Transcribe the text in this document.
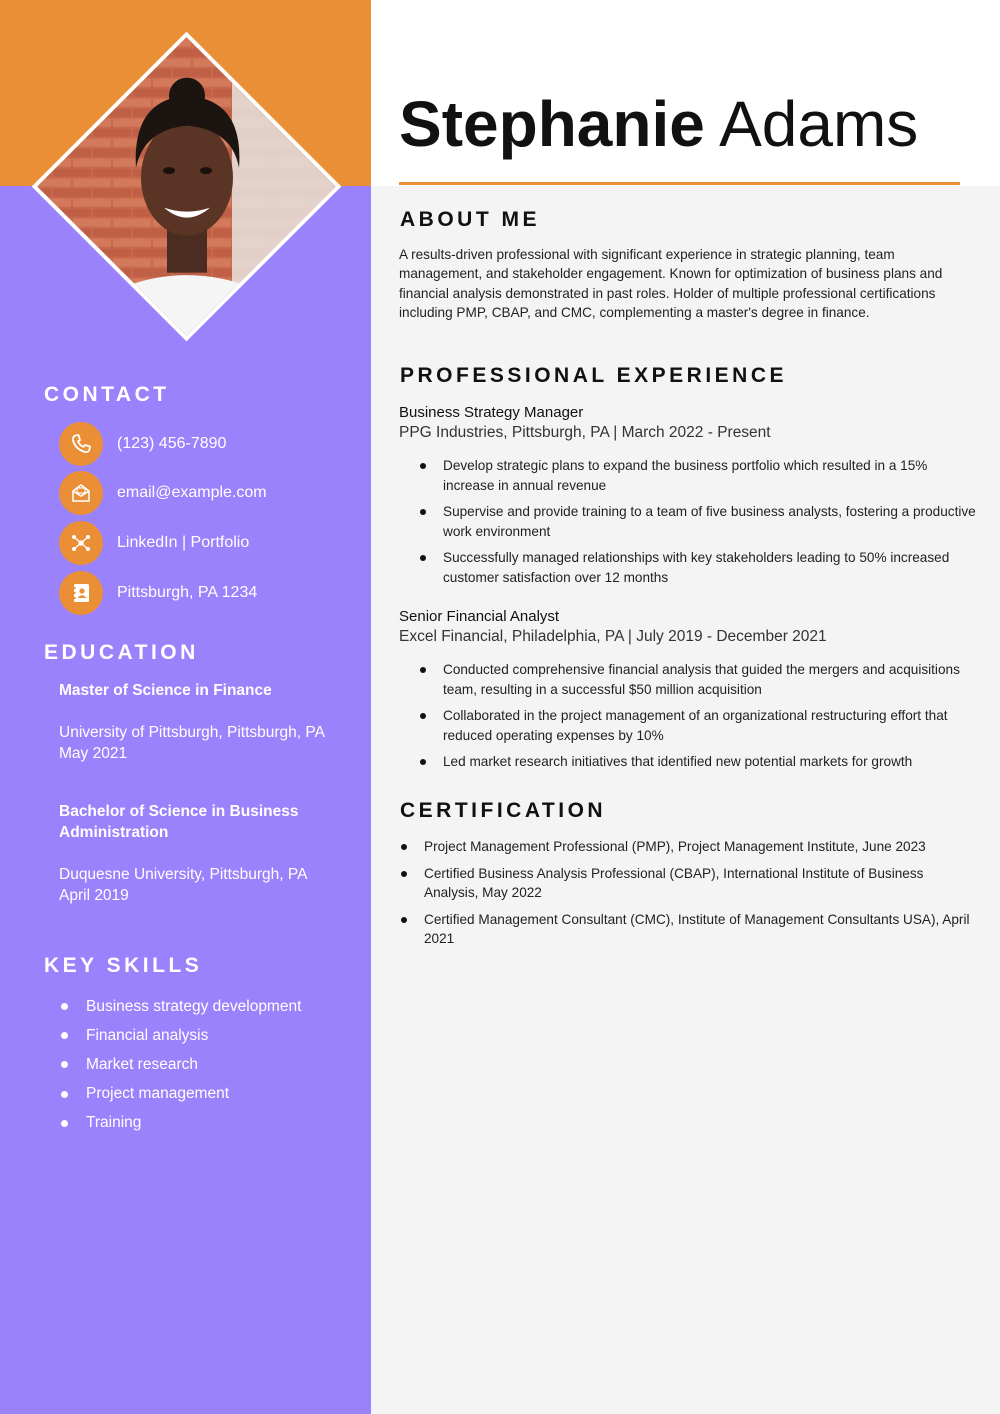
CONTACT
(123) 456-7890
email@example.com
LinkedIn | Portfolio
Pittsburgh, PA 1234
EDUCATION
Master of Science in Finance
University of Pittsburgh, Pittsburgh, PA
May 2021
Bachelor of Science in Business Administration
Duquesne University, Pittsburgh, PA
April 2019
KEY SKILLS
Business strategy development
Financial analysis
Market research
Project management
Training
Stephanie Adams
ABOUT ME

A results-driven professional with significant experience in strategic planning, team management, and stakeholder engagement. Known for optimization of business plans and financial analysis demonstrated in past roles. Holder of multiple professional certifications including PMP, CBAP, and CMC, complementing a master's degree in finance.

PROFESSIONAL EXPERIENCE
Business Strategy Manager
PPG Industries, Pittsburgh, PA | March 2022 - Present
Develop strategic plans to expand the business portfolio which resulted in a 15% increase in annual revenue
Supervise and provide training to a team of five business analysts, fostering a productive work environment
Successfully managed relationships with key stakeholders leading to 50% increased customer satisfaction over 12 months
Senior Financial Analyst
Excel Financial, Philadelphia, PA | July 2019 - December 2021
Conducted comprehensive financial analysis that guided the mergers and acquisitions team, resulting in a successful $50 million acquisition
Collaborated in the project management of an organizational restructuring effort that reduced operating expenses by 10%
Led market research initiatives that identified new potential markets for growth
CERTIFICATION
Project Management Professional (PMP), Project Management Institute, June 2023
Certified Business Analysis Professional (CBAP), International Institute of Business Analysis, May 2022
Certified Management Consultant (CMC), Institute of Management Consultants USA), April 2021
